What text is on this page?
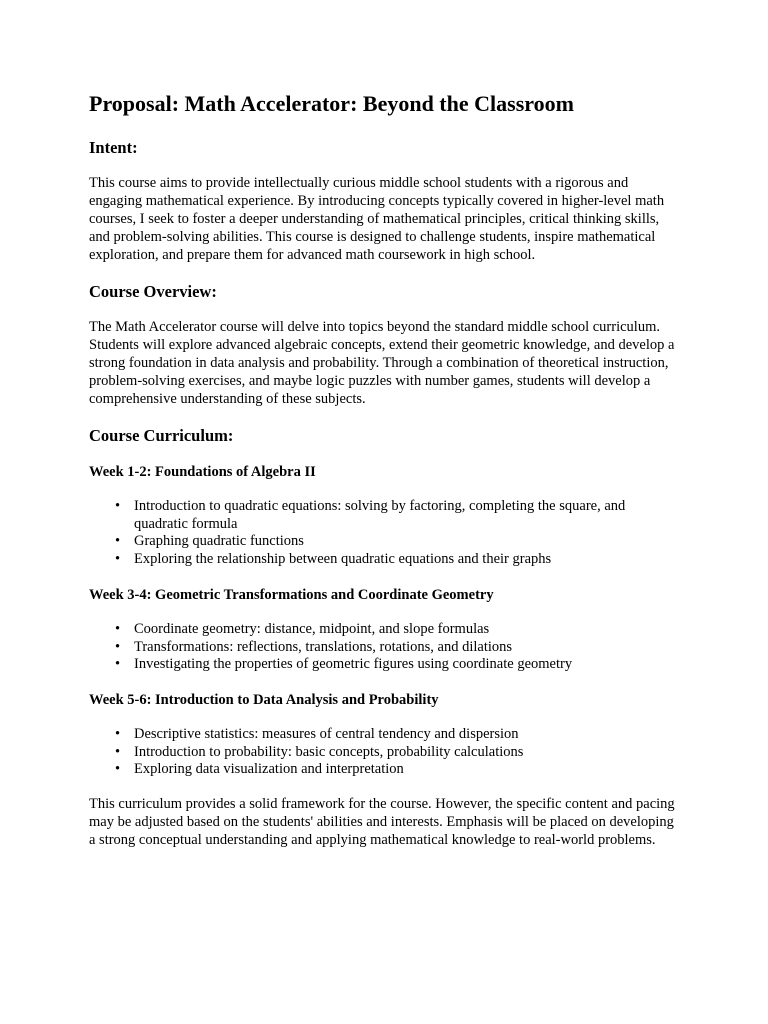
Proposal: Math Accelerator: Beyond the Classroom
Intent:

This course aims to provide intellectually curious middle school students with a rigorous and engaging mathematical experience. By introducing concepts typically covered in higher-level math courses, I seek to foster a deeper understanding of mathematical principles, critical thinking skills, and problem-solving abilities. This course is designed to challenge students, inspire mathematical exploration, and prepare them for advanced math coursework in high school.

Course Overview:

The Math Accelerator course will delve into topics beyond the standard middle school curriculum. Students will explore advanced algebraic concepts, extend their geometric knowledge, and develop a strong foundation in data analysis and probability. Through a combination of theoretical instruction, problem-solving exercises, and maybe logic puzzles with number games, students will develop a comprehensive understanding of these subjects.

Course Curriculum:
Week 1-2: Foundations of Algebra II
• Introduction to quadratic equations: solving by factoring, completing the square, and quadratic formula
• Graphing quadratic functions
• Exploring the relationship between quadratic equations and their graphs
Week 3-4: Geometric Transformations and Coordinate Geometry
• Coordinate geometry: distance, midpoint, and slope formulas
• Transformations: reflections, translations, rotations, and dilations
• Investigating the properties of geometric figures using coordinate geometry
Week 5-6: Introduction to Data Analysis and Probability
• Descriptive statistics: measures of central tendency and dispersion
• Introduction to probability: basic concepts, probability calculations
• Exploring data visualization and interpretation

This curriculum provides a solid framework for the course. However, the specific content and pacing may be adjusted based on the students' abilities and interests. Emphasis will be placed on developing a strong conceptual understanding and applying mathematical knowledge to real-world problems.
